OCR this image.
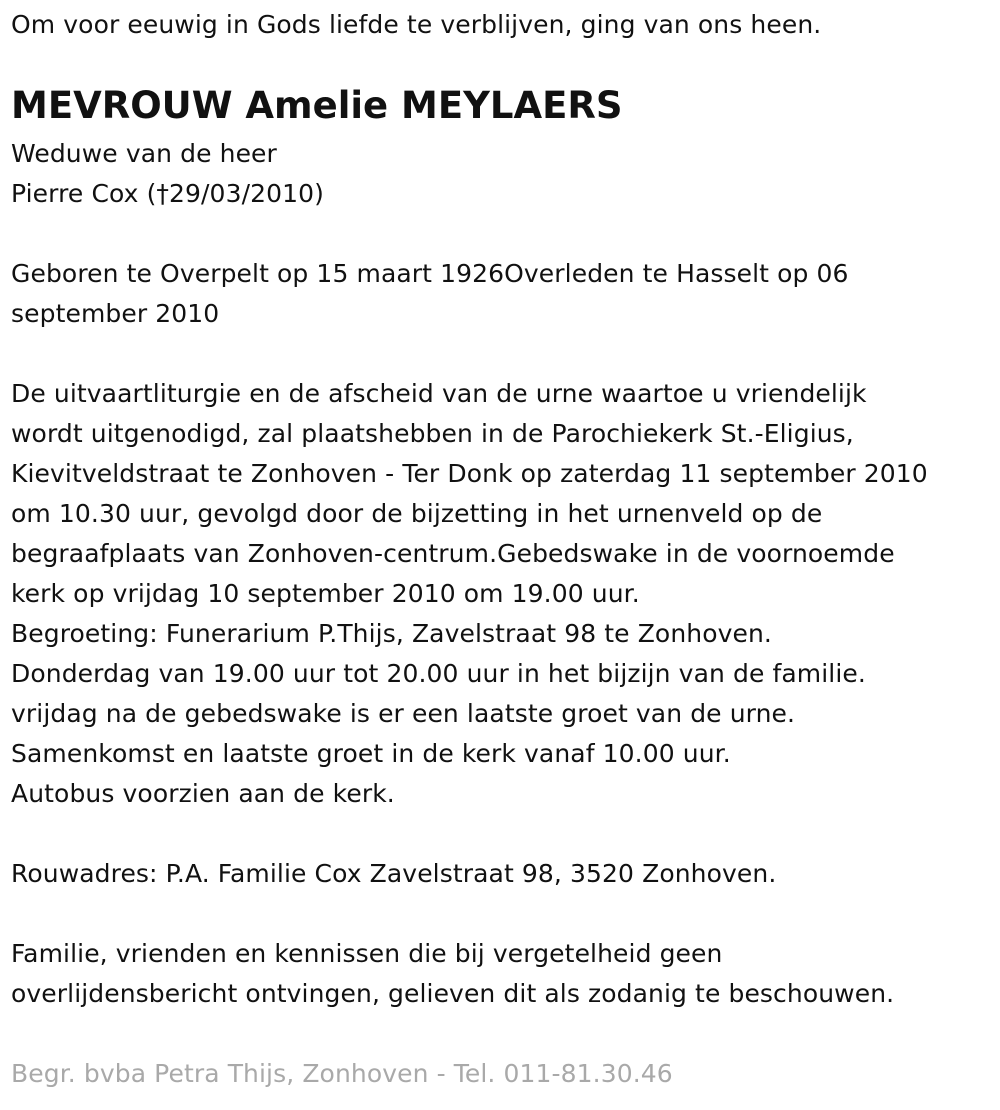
Om voor eeuwig in Gods liefde te verblijven, ging van ons heen.
MEVROUW Amelie MEYLAERS
Weduwe van de heer
Pierre Cox (†29/03/2010)
Geboren te Overpelt op 15 maart 1926Overleden te Hasselt op 06
september 2010
De uitvaartliturgie en de afscheid van de urne waartoe u vriendelijk
wordt uitgenodigd, zal plaatshebben in de Parochiekerk St.-Eligius,
Kievitveldstraat te Zonhoven - Ter Donk op zaterdag 11 september 2010
om 10.30 uur, gevolgd door de bijzetting in het urnenveld op de
begraafplaats van Zonhoven-centrum.Gebedswake in de voornoemde
kerk op vrijdag 10 september 2010 om 19.00 uur.
Begroeting: Funerarium P.Thijs, Zavelstraat 98 te Zonhoven.
Donderdag van 19.00 uur tot 20.00 uur in het bijzijn van de familie.
vrijdag na de gebedswake is er een laatste groet van de urne.
Samenkomst en laatste groet in de kerk vanaf 10.00 uur.
Autobus voorzien aan de kerk.
Rouwadres: P.A. Familie Cox Zavelstraat 98, 3520 Zonhoven.
Familie, vrienden en kennissen die bij vergetelheid geen
overlijdensbericht ontvingen, gelieven dit als zodanig te beschouwen.
Begr. bvba Petra Thijs, Zonhoven - Tel. 011-81.30.46
